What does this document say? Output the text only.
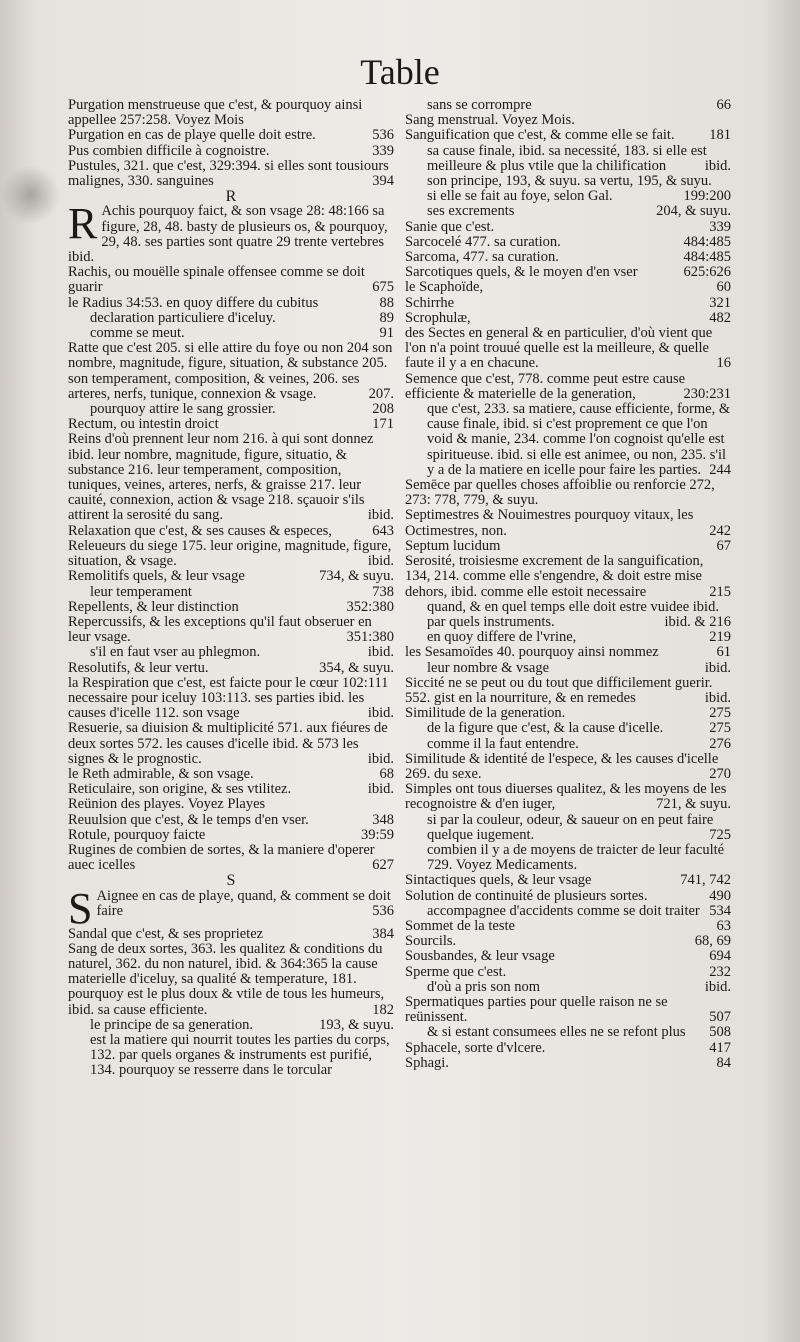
Table
Purgation menstrueuse que c'est, & pourquoy ainsi appellee 257:258. Voyez Mois
Purgation en cas de playe quelle doit estre.	536
Pus combien difficile à cognoistre.	339
Pustules, 321. que c'est, 329:394. si elles sont tousiours malignes, 330. sanguines	394
R
R Achis pourquoy faict, & son vsage 28: 48:166 sa figure, 28, 48. basty de plusieurs os, & pourquoy, 29, 48. ses parties sont quatre 29 trente vertebres ibid.
Rachis, ou mouëlle spinale offensee comme se doit guarir	675
le Radius 34:53. en quoy differe du cubitus	88
declaration particuliere d'iceluy.	89
comme se meut.	91
Ratte que c'est 205. si elle attire du foye ou non 204 son nombre, magnitude, figure, situation, & substance 205. son temperament, composition, & veines, 206. ses arteres, nerfs, tunique, connexion & vsage.	207.
pourquoy attire le sang grossier.	208
Rectum, ou intestin droict	171
Reins d'où prennent leur nom 216. à qui sont donnez ibid. leur nombre, magnitude, figure, situatio, & substance 216. leur temperament, composition, tuniques, veines, arteres, nerfs, & graisse 217. leur cauité, connexion, action & vsage 218. sçauoir s'ils attirent la serosité du sang.	ibid.
Relaxation que c'est, & ses causes & especes,	643
Releueurs du siege 175. leur origine, magnitude, figure, situation, & vsage.	ibid.
Remolitifs quels, & leur vsage	734, & suyu.
leur temperament	738
Repellents, & leur distinction	352:380
Repercussifs, & les exceptions qu'il faut obseruer en leur vsage.	351:380
s'il en faut vser au phlegmon.	ibid.
Resolutifs, & leur vertu.	354, & suyu.
la Respiration que c'est, est faicte pour le cœur 102:111 necessaire pour iceluy 103:113. ses parties ibid. les causes d'icelle 112. son vsage	ibid.
Resuerie, sa diuision & multiplicité 571. aux fiéures de deux sortes 572. les causes d'icelle ibid. & 573 les signes & le prognostic.	ibid.
le Reth admirable, & son vsage.	68
Reticulaire, son origine, & ses vtilitez.	ibid.
Reünion des playes. Voyez Playes
Reuulsion que c'est, & le temps d'en vser.	348
Rotule, pourquoy faicte	39:59
Rugines de combien de sortes, & la maniere d'operer auec icelles	627
S
S Aignee en cas de playe, quand, & comment se doit faire	536
Sandal que c'est, & ses proprietez	384
Sang de deux sortes, 363. les qualitez & conditions du naturel, 362. du non naturel, ibid. & 364:365 la cause materielle d'iceluy, sa qualité & temperature, 181. pourquoy est le plus doux & vtile de tous les humeurs, ibid. sa cause efficiente.	182
le principe de sa generation.	193, & suyu.
est la matiere qui nourrit toutes les parties du corps, 132. par quels organes & instruments est purifié, 134. pourquoy se resserre dans le torcular
sans se corrompre	66
Sang menstrual. Voyez Mois.
Sanguification que c'est, & comme elle se fait. 181
sa cause finale, ibid. sa necessité, 183. si elle est meilleure & plus vtile que la chilification	ibid.
son principe, 193, & suyu. sa vertu, 195, & suyu.
si elle se fait au foye, selon Gal.	199:200
ses excrements	204, & suyu.
Sanie que c'est.	339
Sarcocelé 477. sa curation.	484:485
Sarcoma, 477. sa curation.	484:485
Sarcotiques quels, & le moyen d'en vser	625:626
le Scaphoïde,	60
Schirrhe	321
Scrophulæ,	482
des Sectes en general & en particulier, d'où vient que l'on n'a point trouué quelle est la meilleure, & quelle faute il y a en chacune.	16
Semence que c'est, 778. comme peut estre cause efficiente & materielle de la generation,	230:231
que c'est, 233. sa matiere, cause efficiente, forme, & cause finale, ibid. si c'est proprement ce que l'on void & manie, 234. comme l'on cognoist qu'elle est spiritueuse. ibid. si elle est animee, ou non, 235. s'il y a de la matiere en icelle pour faire les parties. 244
Semēce par quelles choses affoiblie ou renforcie 272, 273: 778, 779, & suyu.
Septimestres & Nouimestres pourquoy vitaux, les Octimestres, non.	242
Septum lucidum	67
Serosité, troisiesme excrement de la sanguification, 134, 214. comme elle s'engendre, & doit estre mise dehors, ibid. comme elle estoit necessaire	215
quand, & en quel temps elle doit estre vuidee ibid.
par quels instruments.	ibid. & 216
en quoy differe de l'vrine,	219
les Sesamoïdes 40. pourquoy ainsi nommez	61
leur nombre & vsage	ibid.
Siccité ne se peut ou du tout que difficilement guerir. 552. gist en la nourriture, & en remedes	ibid.
Similitude de la generation.	275
de la figure que c'est, & la cause d'icelle.	275
comme il la faut entendre.	276
Similitude & identité de l'espece, & les causes d'icelle 269. du sexe.	270
Simples ont tous diuerses qualitez, & les moyens de les recognoistre & d'en iuger,	721, & suyu.
si par la couleur, odeur, & saueur on en peut faire quelque iugement.	725
combien il y a de moyens de traicter de leur faculté 729. Voyez Medicaments.
Sintactiques quels, & leur vsage	741, 742
Solution de continuité de plusieurs sortes.	490
accompagnee d'accidents comme se doit traiter 534
Sommet de la teste	63
Sourcils.	68, 69
Sousbandes, & leur vsage	694
Sperme que c'est.	232
d'où a pris son nom	ibid.
Spermatiques parties pour quelle raison ne se reünissent.	507
& si estant consumees elles ne se refont plus 508
Sphacele, sorte d'vlcere.	417
Sphagi.	84
